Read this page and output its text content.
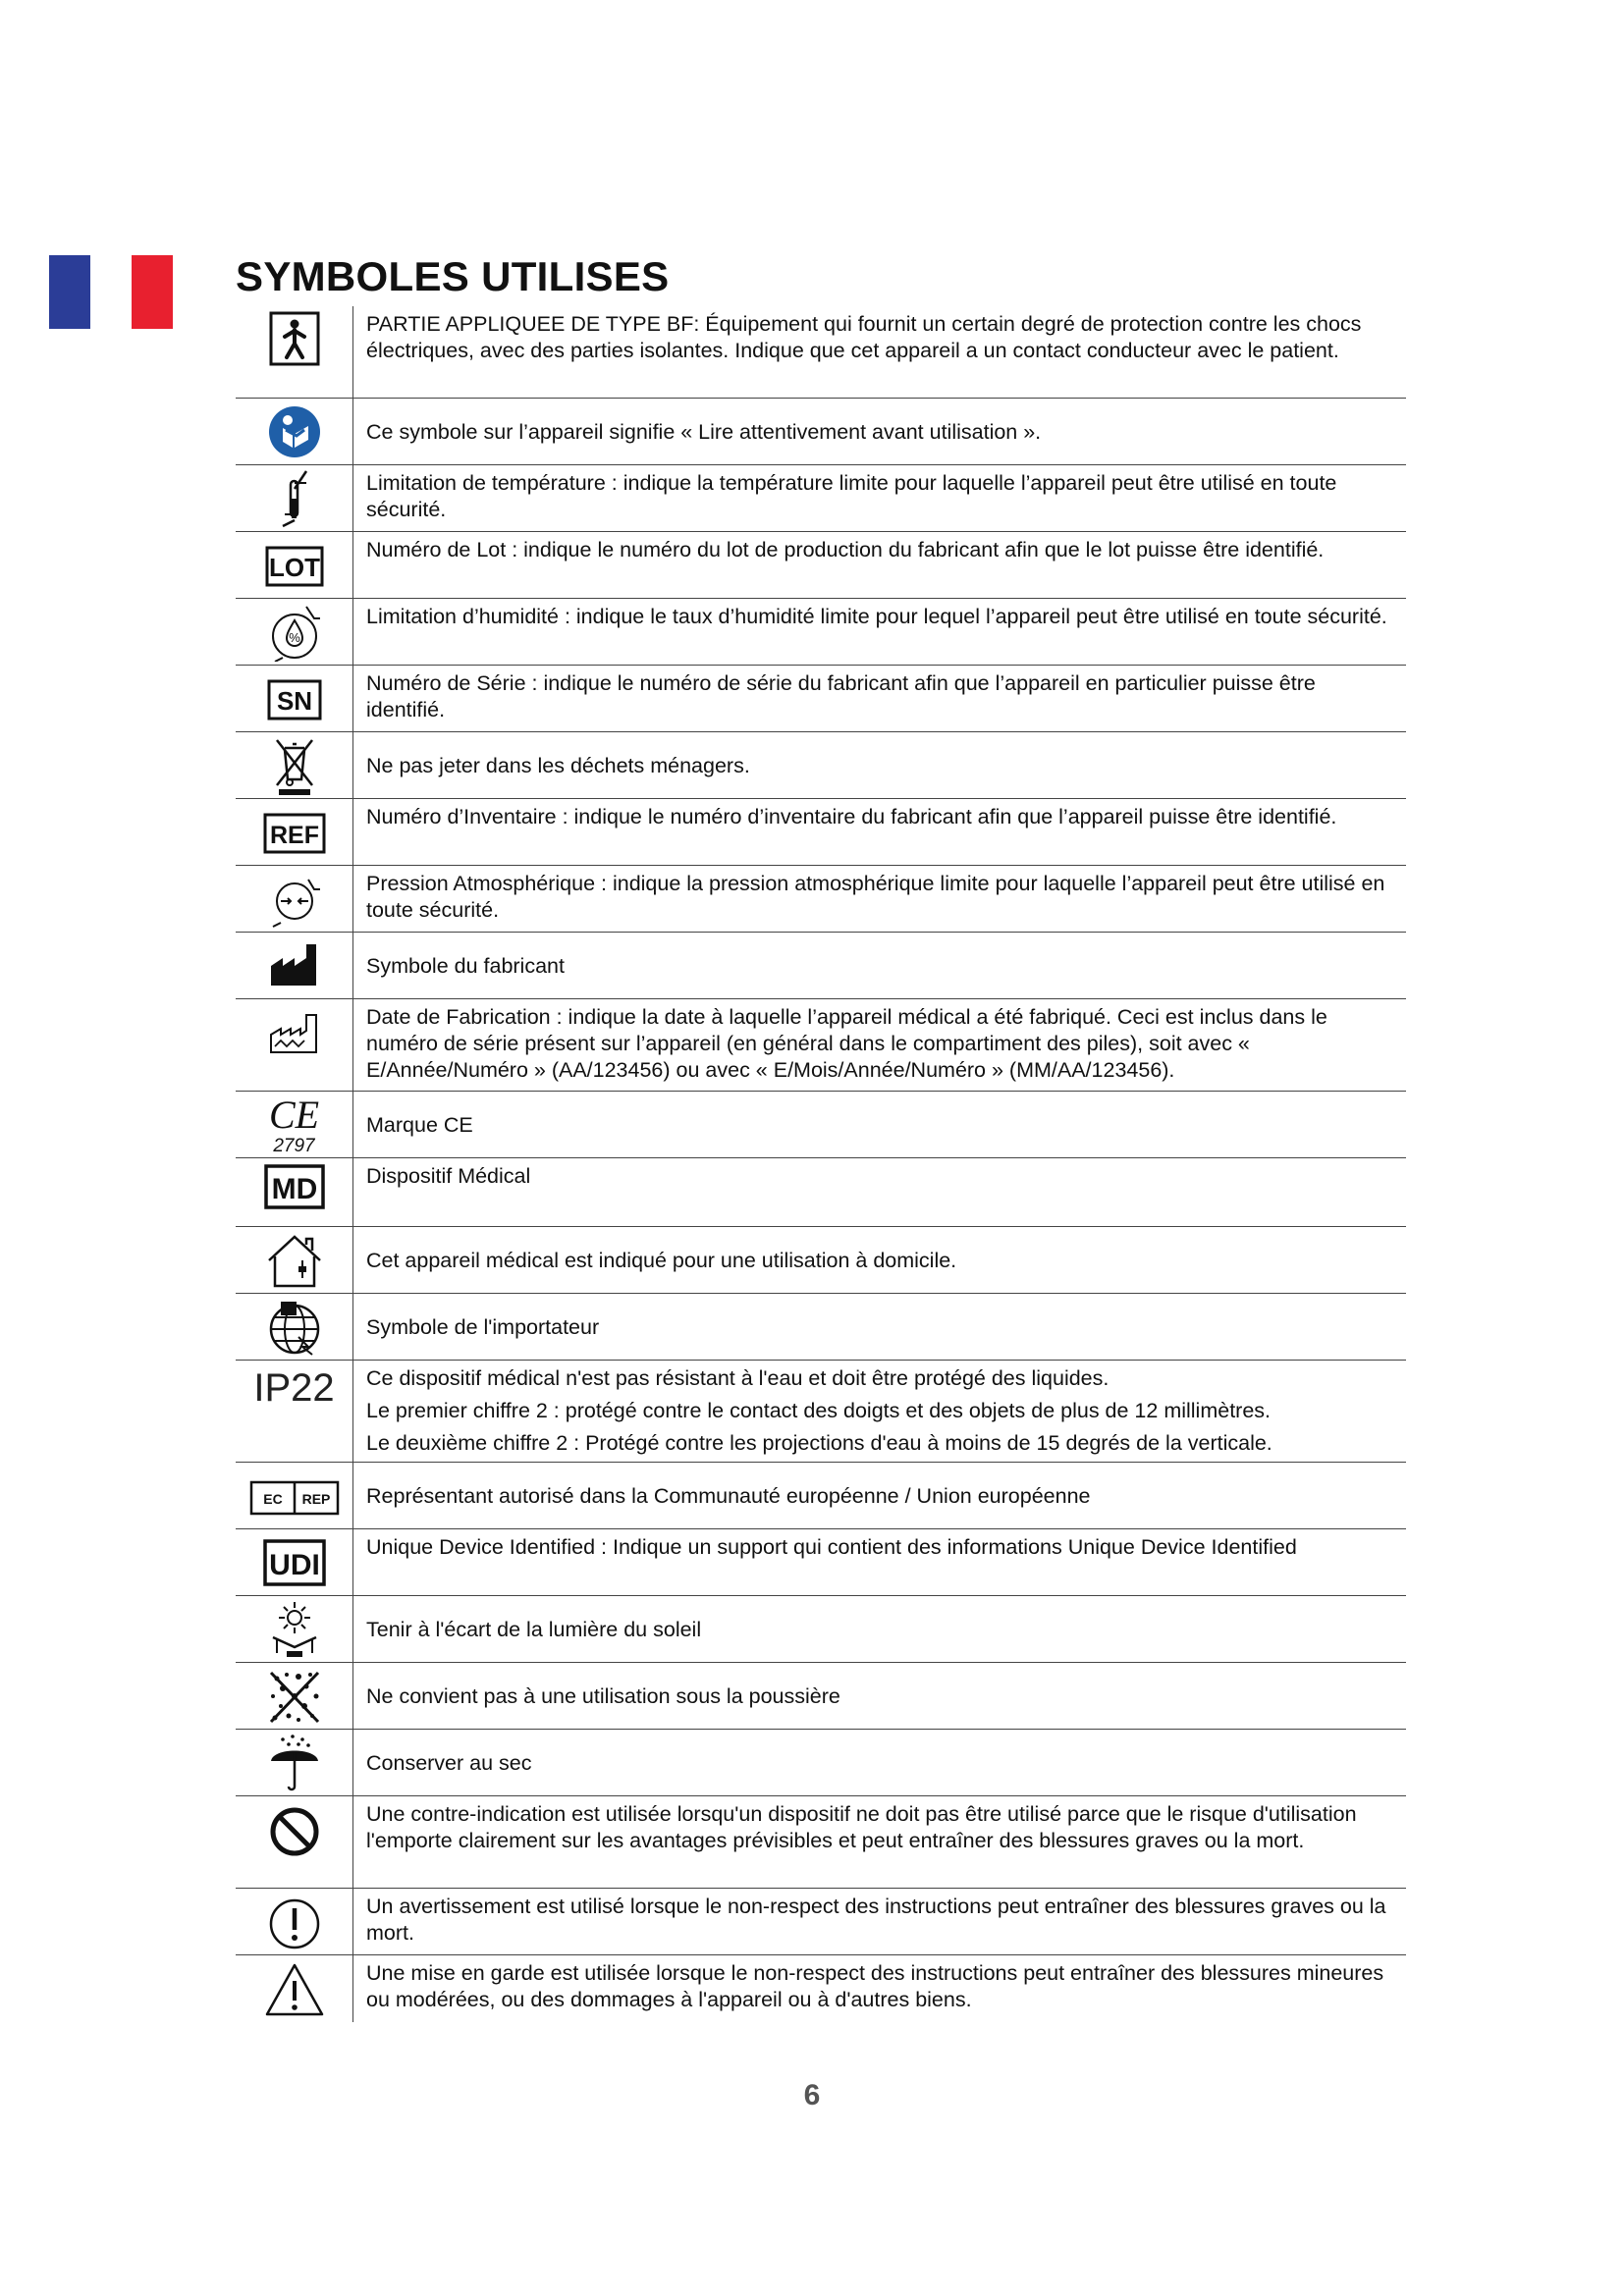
SYMBOLES UTILISES

PARTIE APPLIQUEE DE TYPE BF: Équipement qui fournit un certain degré de protection contre les chocs électriques, avec des parties isolantes. Indique que cet appareil a un contact conducteur avec le patient.

Ce symbole sur l’appareil signifie « Lire attentivement avant utilisation ».

Limitation de température : indique la température limite pour laquelle l’appareil peut être utilisé en toute sécurité.

LOT

Numéro de Lot : indique le numéro du lot de production du fabricant afin que le lot puisse être identifié.

%

Limitation d’humidité : indique le taux d’humidité limite pour lequel l’appareil peut être utilisé en toute sécurité.

SN

Numéro de Série : indique le numéro de série du fabricant afin que l’appareil en particulier puisse être identifié.

Ne pas jeter dans les déchets ménagers.

REF

Numéro d’Inventaire : indique le numéro d’inventaire du fabricant afin que l’appareil puisse être identifié.

Pression Atmosphérique : indique la pression atmosphérique limite pour laquelle l’appareil peut être utilisé en toute sécurité.

Symbole du fabricant

Date de Fabrication : indique la date à laquelle l’appareil médical a été fabriqué. Ceci est inclus dans le numéro de série présent sur l’appareil (en général dans le compartiment des piles), soit avec « E/Année/Numéro » (AA/123456) ou avec « E/Mois/Année/Numéro » (MM/AA/123456).

CE
2797

Marque CE

MD Dispositif Médical

Cet appareil médical est indiqué pour une utilisation à domicile.

Symbole de l'importateur

IP22 Ce dispositif médical n'est pas résistant à l'eau et doit être protégé des liquides.

Le premier chiffre 2 : protégé contre le contact des doigts et des objets de plus de 12 millimètres.

Le deuxième chiffre 2 : Protégé contre les projections d'eau à moins de 15 degrés de la verticale.

EC REP Représentant autorisé dans la Communauté européenne / Union européenne

UDI

Unique Device Identified : Indique un support qui contient des informations Unique Device Identified

Tenir à l'écart de la lumière du soleil

Ne convient pas à une utilisation sous la poussière

Conserver au sec

Une contre-indication est utilisée lorsqu'un dispositif ne doit pas être utilisé parce que le risque d'utilisation l'emporte clairement sur les avantages prévisibles et peut entraîner des blessures graves ou la mort.

Un avertissement est utilisé lorsque le non-respect des instructions peut entraîner des blessures graves ou la mort.

Une mise en garde est utilisée lorsque le non-respect des instructions peut entraîner des blessures mineures ou modérées, ou des dommages à l'appareil ou à d'autres biens.

6
